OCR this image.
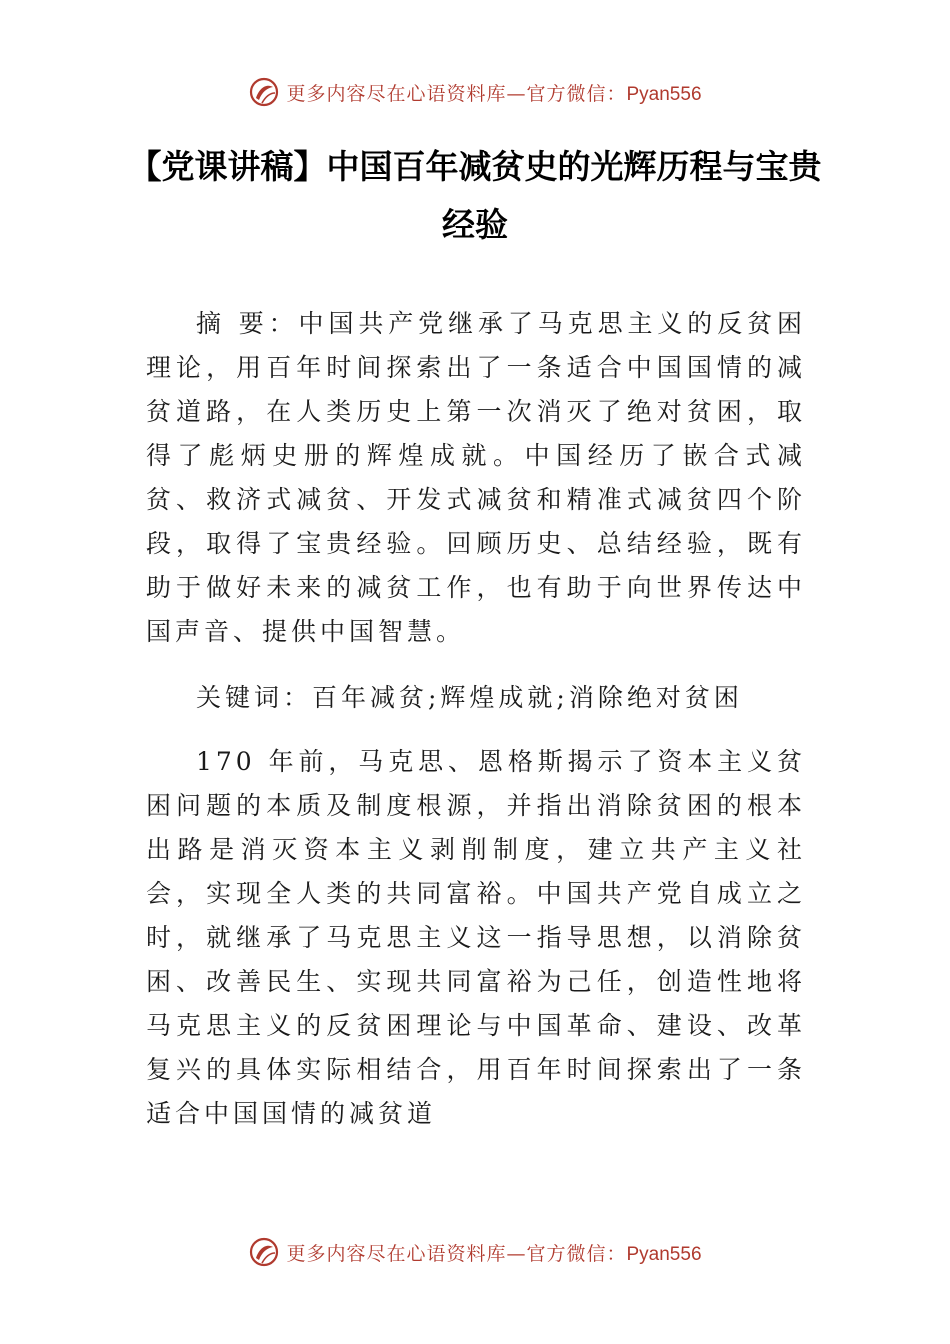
更多内容尽在心语资料库—官方微信：Pyan556
【党课讲稿】中国百年减贫史的光辉历程与宝贵经验

摘 要：中国共产党继承了马克思主义的反贫困理论，用百年时间探索出了一条适合中国国情的减贫道路，在人类历史上第一次消灭了绝对贫困，取得了彪炳史册的辉煌成就。中国经历了嵌合式减贫、救济式减贫、开发式减贫和精准式减贫四个阶段，取得了宝贵经验。回顾历史、总结经验，既有助于做好未来的减贫工作，也有助于向世界传达中国声音、提供中国智慧。

关键词：百年减贫;辉煌成就;消除绝对贫困

170 年前，马克思、恩格斯揭示了资本主义贫困问题的本质及制度根源，并指出消除贫困的根本出路是消灭资本主义剥削制度，建立共产主义社会，实现全人类的共同富裕。中国共产党自成立之时，就继承了马克思主义这一指导思想，以消除贫困、改善民生、实现共同富裕为己任，创造性地将马克思主义的反贫困理论与中国革命、建设、改革复兴的具体实际相结合，用百年时间探索出了一条适合中国国情的减贫道

更多内容尽在心语资料库—官方微信：Pyan556
